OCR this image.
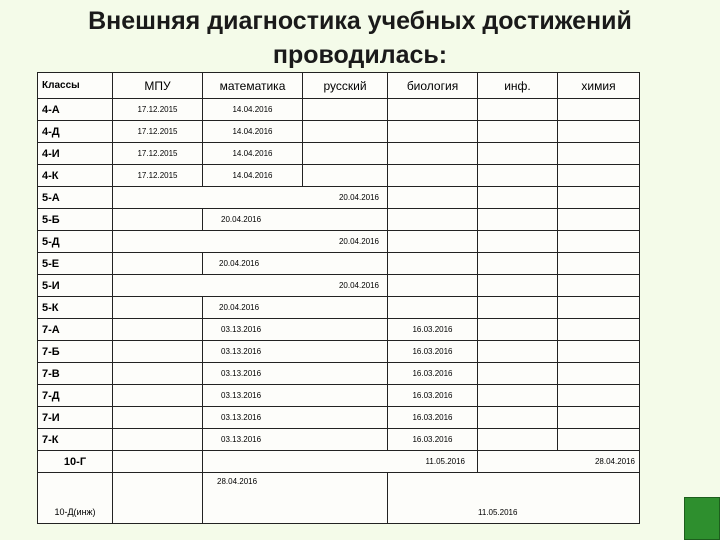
Внешняя диагностика учебных достижений
проводилась:
Классы	МПУ	математика	русский	биология	инф.	химия
4-А	17.12.2015	14.04.2016				
4-Д	17.12.2015	14.04.2016				
4-И	17.12.2015	14.04.2016				
4-К	17.12.2015	14.04.2016				
5-А	20.04.2016					
5-Б		20.04.2016				
5-Д	20.04.2016					
5-Е		20.04.2016				
5-И	20.04.2016					
5-К		20.04.2016				
7-А		03.13.2016		16.03.2016		
7-Б		03.13.2016		16.03.2016		
7-В		03.13.2016		16.03.2016		
7-Д		03.13.2016		16.03.2016		
7-И		03.13.2016		16.03.2016		
7-К		03.13.2016		16.03.2016		
10-Г		11.05.2016			28.04.2016	
10-Д(инж)		28.04.2016		11.05.2016		
